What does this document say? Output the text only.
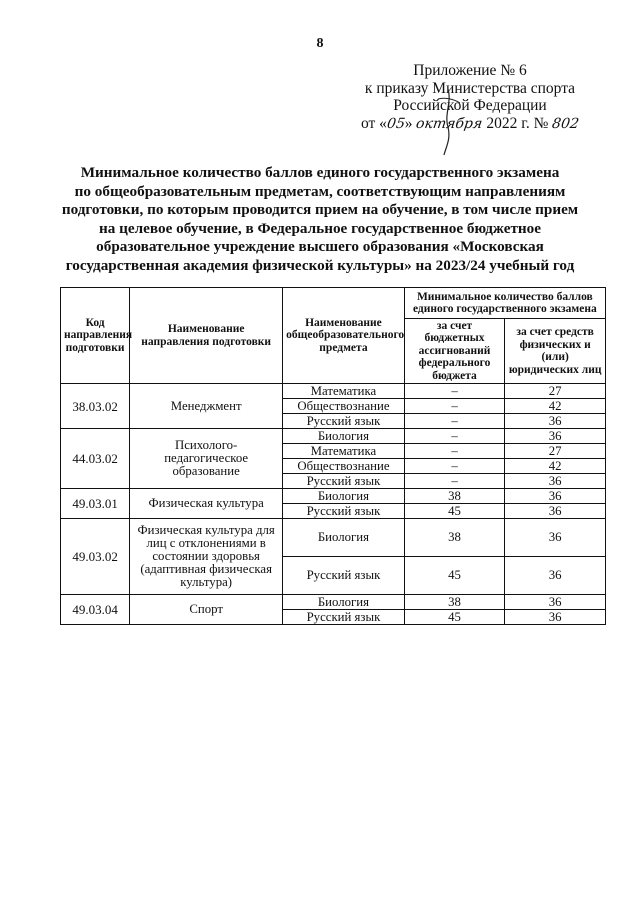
8
Приложение № 6
к приказу Министерства спорта
Российской Федерации
от «05» октября 2022 г. № 802
Минимальное количество баллов единого государственного экзамена
по общеобразовательным предметам, соответствующим направлениям
подготовки, по которым проводится прием на обучение, в том числе прием
на целевое обучение, в Федеральное государственное бюджетное
образовательное учреждение высшего образования «Московская
государственная академия физической культуры» на 2023/24 учебный год
Код направления подготовки	Наименование направления подготовки	Наименование общеобразовательного предмета	Минимальное количество баллов единого государственного экзамена	
			за счет бюджетных ассигнований федерального бюджета	за счет средств физических и (или) юридических лиц
38.03.02	Менеджмент	Математика	–	27
		Обществознание	–	42
		Русский язык	–	36
44.03.02	Психолого-педагогическое образование	Биология	–	36
		Математика	–	27
		Обществознание	–	42
		Русский язык	–	36
49.03.01	Физическая культура	Биология	38	36
		Русский язык	45	36
49.03.02	Физическая культура для лиц с отклонениями в состоянии здоровья (адаптивная физическая культура)	Биология	38	36
		Русский язык	45	36
49.03.04	Спорт	Биология	38	36
		Русский язык	45	36
